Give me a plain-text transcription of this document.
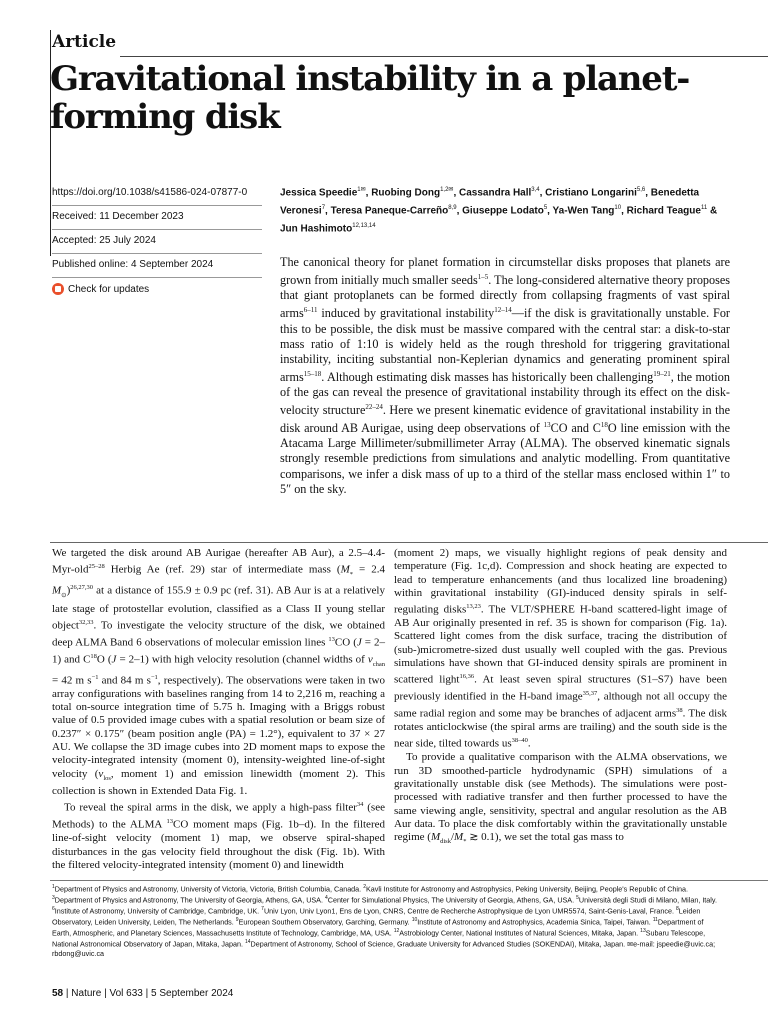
Article
Gravitational instability in a planet-forming disk
https://doi.org/10.1038/s41586-024-07877-0
Received: 11 December 2023
Accepted: 25 July 2024
Published online: 4 September 2024
Check for updates
Jessica Speedie$^{1✉}$, Ruobing Dong$^{1,2✉}$, Cassandra Hall$^{3,4}$, Cristiano Longarini$^{5,6}$, Benedetta Veronesi$^7$, Teresa Paneque-Carreño$^{8,9}$, Giuseppe Lodato$^5$, Ya-Wen Tang$^{10}$, Richard Teague$^{11}$ & Jun Hashimoto$^{12,13,14}$
The canonical theory for planet formation in circumstellar disks proposes that planets are grown from initially much smaller seeds$^{1-5}$. The long-considered alternative theory proposes that giant protoplanets can be formed directly from collapsing fragments of vast spiral arms$^{6-11}$ induced by gravitational instability$^{12-14}$—if the disk is gravitationally unstable. For this to be possible, the disk must be massive compared with the central star: a disk-to-star mass ratio of 1:10 is widely held as the rough threshold for triggering gravitational instability, inciting substantial non-Keplerian dynamics and generating prominent spiral arms$^{15-18}$. Although estimating disk masses has historically been challenging$^{19-21}$, the motion of the gas can reveal the presence of gravitational instability through its effect on the disk-velocity structure$^{22-24}$. Here we present kinematic evidence of gravitational instability in the disk around AB Aurigae, using deep observations of $^{13}$CO and $C^{18}O$ line emission with the Atacama Large Millimeter/submillimeter Array (ALMA). The observed kinematic signals strongly resemble predictions from simulations and analytic modelling. From quantitative comparisons, we infer a disk mass of up to a third of the stellar mass enclosed within 1″ to 5″ on the sky.

We targeted the disk around AB Aurigae (hereafter AB Aur), a 2.5–4.4-Myr-old$^{25-28}$ Herbig Ae (ref. 29) star of intermediate mass ($M_* = 2.4$ $M_⊙)^{26,27,30}$ at a distance of 155.9 ± 0.9 pc (ref. 31). AB Aur is at a relatively late stage of protostellar evolution, classified as a Class II young stellar object$^{32,33}$. To investigate the velocity structure of the disk, we obtained deep ALMA Band 6 observations of molecular emission lines $^{13}$CO (J = 2–1) and $C^{18}O$ (J = 2–1) with high velocity resolution (channel widths of $v_{chan} = 42$ m $s^{-1}$ and 84 m $s^{-1}$, respectively). The observations were taken in two array configurations with baselines ranging from 14 to 2,216 m, reaching a total on-source integration time of 5.75 h. Imaging with a Briggs robust value of 0.5 provided image cubes with a spatial resolution or beam size of 0.237″ × 0.175″ (beam position angle (PA) = 1.2°), equivalent to 37 × 27 AU. We collapse the 3D image cubes into 2D moment maps to expose the velocity-integrated intensity (moment 0), intensity-weighted line-of-sight velocity ($v_{los}$, moment 1) and emission linewidth (moment 2). This collection is shown in Extended Data Fig. 1.

To reveal the spiral arms in the disk, we apply a high-pass filter$^{34}$ (see Methods) to the ALMA $^{13}$CO moment maps (Fig. 1b–d). In the filtered line-of-sight velocity (moment 1) map, we observe spiral-shaped disturbances in the gas velocity field throughout the disk (Fig. 1b). With the filtered velocity-integrated intensity (moment 0) and linewidth

(moment 2) maps, we visually highlight regions of peak density and temperature (Fig. 1c,d). Compression and shock heating are expected to lead to temperature enhancements (and thus localized line broadening) within gravitational instability (GI)-induced density spirals in self-regulating disks$^{13,23}$. The VLT/SPHERE H-band scattered-light image of AB Aur originally presented in ref. 35 is shown for comparison (Fig. 1a). Scattered light comes from the disk surface, tracing the distribution of (sub-)micrometre-sized dust usually well coupled with the gas. Previous simulations have shown that GI-induced density spirals are prominent in scattered light$^{16,36}$. At least seven spiral structures (S1–S7) have been previously identified in the H-band image$^{35,37}$, although not all occupy the same radial region and some may be branches of adjacent arms$^{38}$. The disk rotates anticlockwise (the spiral arms are trailing) and the south side is the near side, tilted towards $us^{38-40}$.

To provide a qualitative comparison with the ALMA observations, we run 3D smoothed-particle hydrodynamic (SPH) simulations of a gravitationally unstable disk (see Methods). The simulations were post-processed with radiative transfer and then further processed to have the same viewing angle, sensitivity, spectral and angular resolution as the AB Aur data. To place the disk comfortably within the gravitationally unstable regime ($M_{disk}/M_*$ ≳ 0.1), we set the total gas mass to

$^1$Department of Physics and Astronomy, University of Victoria, Victoria, British Columbia, Canada. $^2$Kavli Institute for Astronomy and Astrophysics, Peking University, Beijing, People's Republic of China. $^3$Department of Physics and Astronomy, The University of Georgia, Athens, GA, USA. $^4$Center for Simulational Physics, The University of Georgia, Athens, GA, USA. $^5$Università degli Studi di Milano, Milan, Italy. $^6$Institute of Astronomy, University of Cambridge, Cambridge, UK. $^7$Univ Lyon, Univ Lyon1, Ens de Lyon, CNRS, Centre de Recherche Astrophysique de Lyon UMR5574, Saint-Genis-Laval, France. $^8$Leiden Observatory, Leiden University, Leiden, The Netherlands. $^9$European Southern Observatory, Garching, Germany. $^{10}$Institute of Astronomy and Astrophysics, Academia Sinica, Taipei, Taiwan. $^{11}$Department of Earth, Atmospheric, and Planetary Sciences, Massachusetts Institute of Technology, Cambridge, MA, USA. $^{12}$Astrobiology Center, National Institutes of Natural Sciences, Mitaka, Japan. $^{13}$Subaru Telescope, National Astronomical Observatory of Japan, Mitaka, Japan. $^{14}$Department of Astronomy, School of Science, Graduate University for Advanced Studies (SOKENDAI), Mitaka, Japan. ✉e-mail: jspeedie@uvic.ca; rbdong@uvic.ca
58 | Nature | Vol 633 | 5 September 2024
